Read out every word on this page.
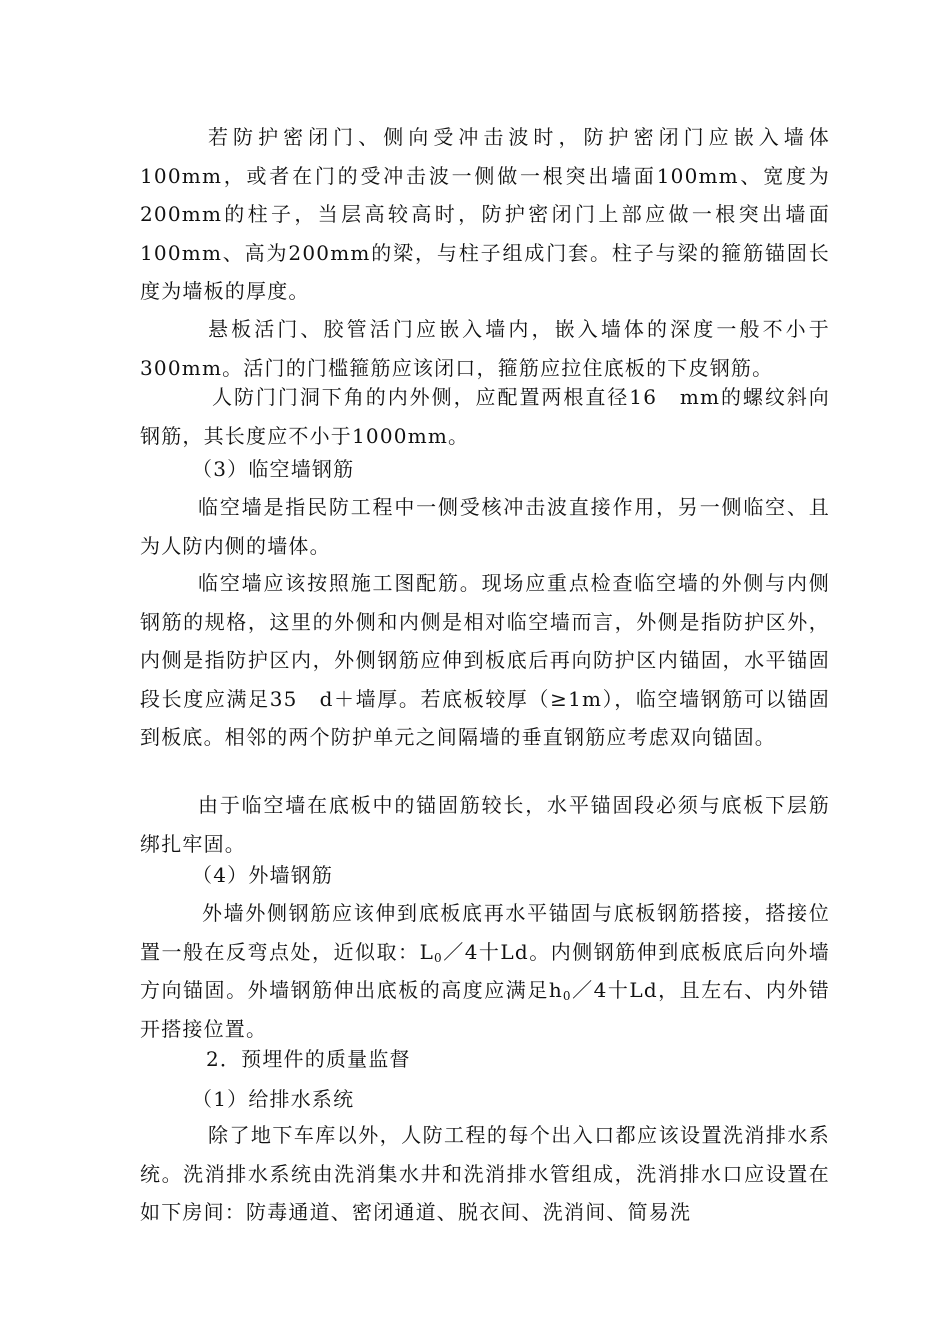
若防护密闭门、侧向受冲击波时，防护密闭门应嵌入墙体100mm，或者在门的受冲击波一侧做一根突出墙面100mm、宽度为200mm的柱子，当层高较高时，防护密闭门上部应做一根突出墙面100mm、高为200mm的梁，与柱子组成门套。柱子与梁的箍筋锚固长度为墙板的厚度。

悬板活门、胶管活门应嵌入墙内，嵌入墙体的深度一般不小于300mm。活门的门槛箍筋应该闭口，箍筋应拉住底板的下皮钢筋。

人防门门洞下角的内外侧，应配置两根直径16　mm的螺纹斜向钢筋，其长度应不小于1000mm。

（3）临空墙钢筋

临空墙是指民防工程中一侧受核冲击波直接作用，另一侧临空、且为人防内侧的墙体。

临空墙应该按照施工图配筋。现场应重点检查临空墙的外侧与内侧钢筋的规格，这里的外侧和内侧是相对临空墙而言，外侧是指防护区外，内侧是指防护区内，外侧钢筋应伸到板底后再向防护区内锚固，水平锚固段长度应满足35　d＋墙厚。若底板较厚（≥1m），临空墙钢筋可以锚固到板底。相邻的两个防护单元之间隔墙的垂直钢筋应考虑双向锚固。

由于临空墙在底板中的锚固筋较长，水平锚固段必须与底板下层筋绑扎牢固。

（4）外墙钢筋

外墙外侧钢筋应该伸到底板底再水平锚固与底板钢筋搭接，搭接位置一般在反弯点处，近似取：$L_0/4$十Ld。内侧钢筋伸到底板底后向外墙方向锚固。外墙钢筋伸出底板的高度应满足$h_0/4$十Ld，且左右、内外错开搭接位置。

2．预埋件的质量监督

（1）给排水系统

除了地下车库以外，人防工程的每个出入口都应该设置洗消排水系统。洗消排水系统由洗消集水井和洗消排水管组成，洗消排水口应设置在如下房间：防毒通道、密闭通道、脱衣间、洗消间、简易洗
